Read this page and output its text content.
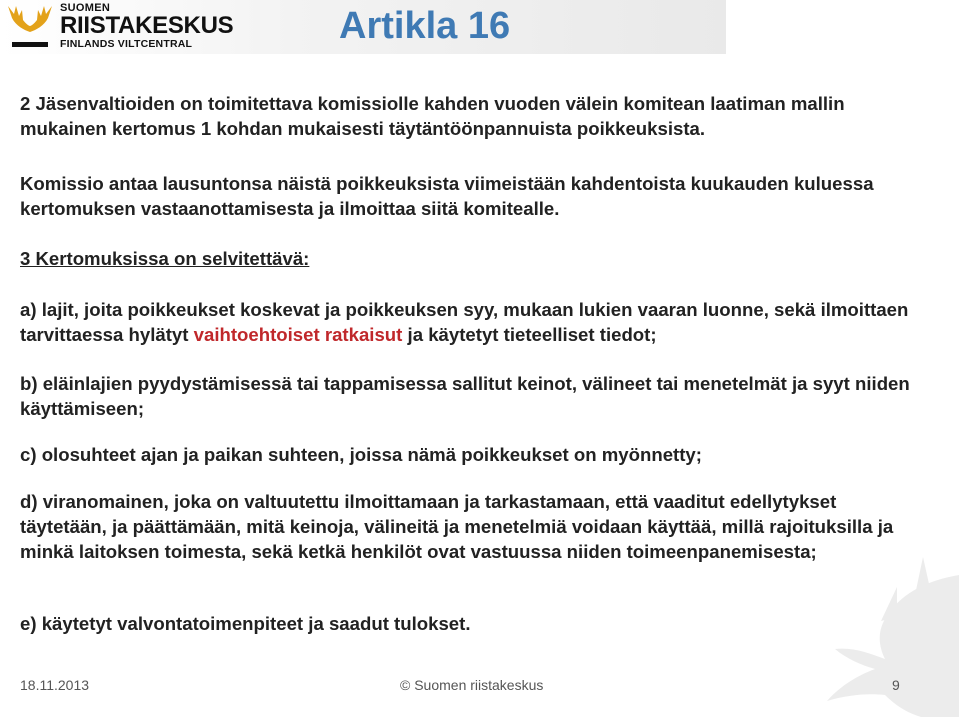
SUOMEN
RIISTAKESKUS
FINLANDS VILTCENTRAL	Artikla 16

2 Jäsenvaltioiden on toimitettava komissiolle kahden vuoden välein komitean laatiman mallin mukainen kertomus 1 kohdan mukaisesti täytäntöönpannuista poikkeuksista.

Komissio antaa lausuntonsa näistä poikkeuksista viimeistään kahdentoista kuukauden kuluessa kertomuksen vastaanottamisesta ja ilmoittaa siitä komitealle.

3 Kertomuksissa on selvitettävä:

a) lajit, joita poikkeukset koskevat ja poikkeuksen syy, mukaan lukien vaaran luonne, sekä ilmoittaen tarvittaessa hylätyt vaihtoehtoiset ratkaisut ja käytetyt tieteelliset tiedot;

b) eläinlajien pyydystämisessä tai tappamisessa sallitut keinot, välineet tai menetelmät ja syyt niiden käyttämiseen;

c) olosuhteet ajan ja paikan suhteen, joissa nämä poikkeukset on myönnetty;

d) viranomainen, joka on valtuutettu ilmoittamaan ja tarkastamaan, että vaaditut edellytykset täytetään, ja päättämään, mitä keinoja, välineitä ja menetelmiä voidaan käyttää, millä rajoituksilla ja minkä laitoksen toimesta, sekä ketkä henkilöt ovat vastuussa niiden toimeenpanemisesta;

e) käytetyt valvontatoimenpiteet ja saadut tulokset.

18.11.2013	© Suomen riistakeskus	9
